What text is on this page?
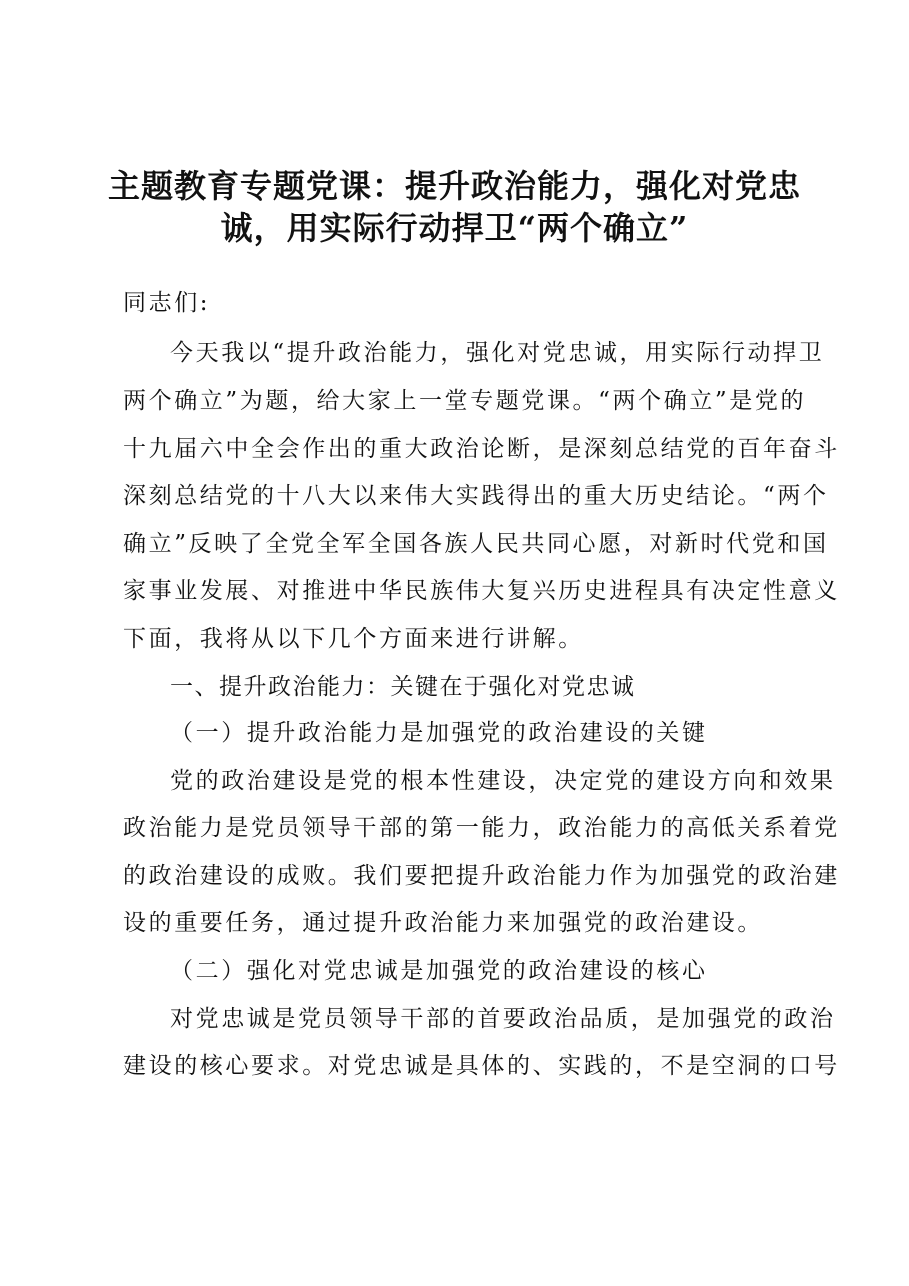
主题教育专题党课：提升政治能力，强化对党忠
诚，用实际行动捍卫“两个确立”
同志们:
今天我以“提升政治能力，强化对党忠诚，用实际行动捍卫
两个确立”为题，给大家上一堂专题党课。“两个确立”是党的
十九届六中全会作出的重大政治论断，是深刻总结党的百年奋斗
深刻总结党的十八大以来伟大实践得出的重大历史结论。“两个
确立”反映了全党全军全国各族人民共同心愿，对新时代党和国
家事业发展、对推进中华民族伟大复兴历史进程具有决定性意义
下面，我将从以下几个方面来进行讲解。
一、提升政治能力：关键在于强化对党忠诚
（一）提升政治能力是加强党的政治建设的关键
党的政治建设是党的根本性建设，决定党的建设方向和效果
政治能力是党员领导干部的第一能力，政治能力的高低关系着党
的政治建设的成败。我们要把提升政治能力作为加强党的政治建
设的重要任务，通过提升政治能力来加强党的政治建设。
（二）强化对党忠诚是加强党的政治建设的核心
对党忠诚是党员领导干部的首要政治品质，是加强党的政治
建设的核心要求。对党忠诚是具体的、实践的，不是空洞的口号
